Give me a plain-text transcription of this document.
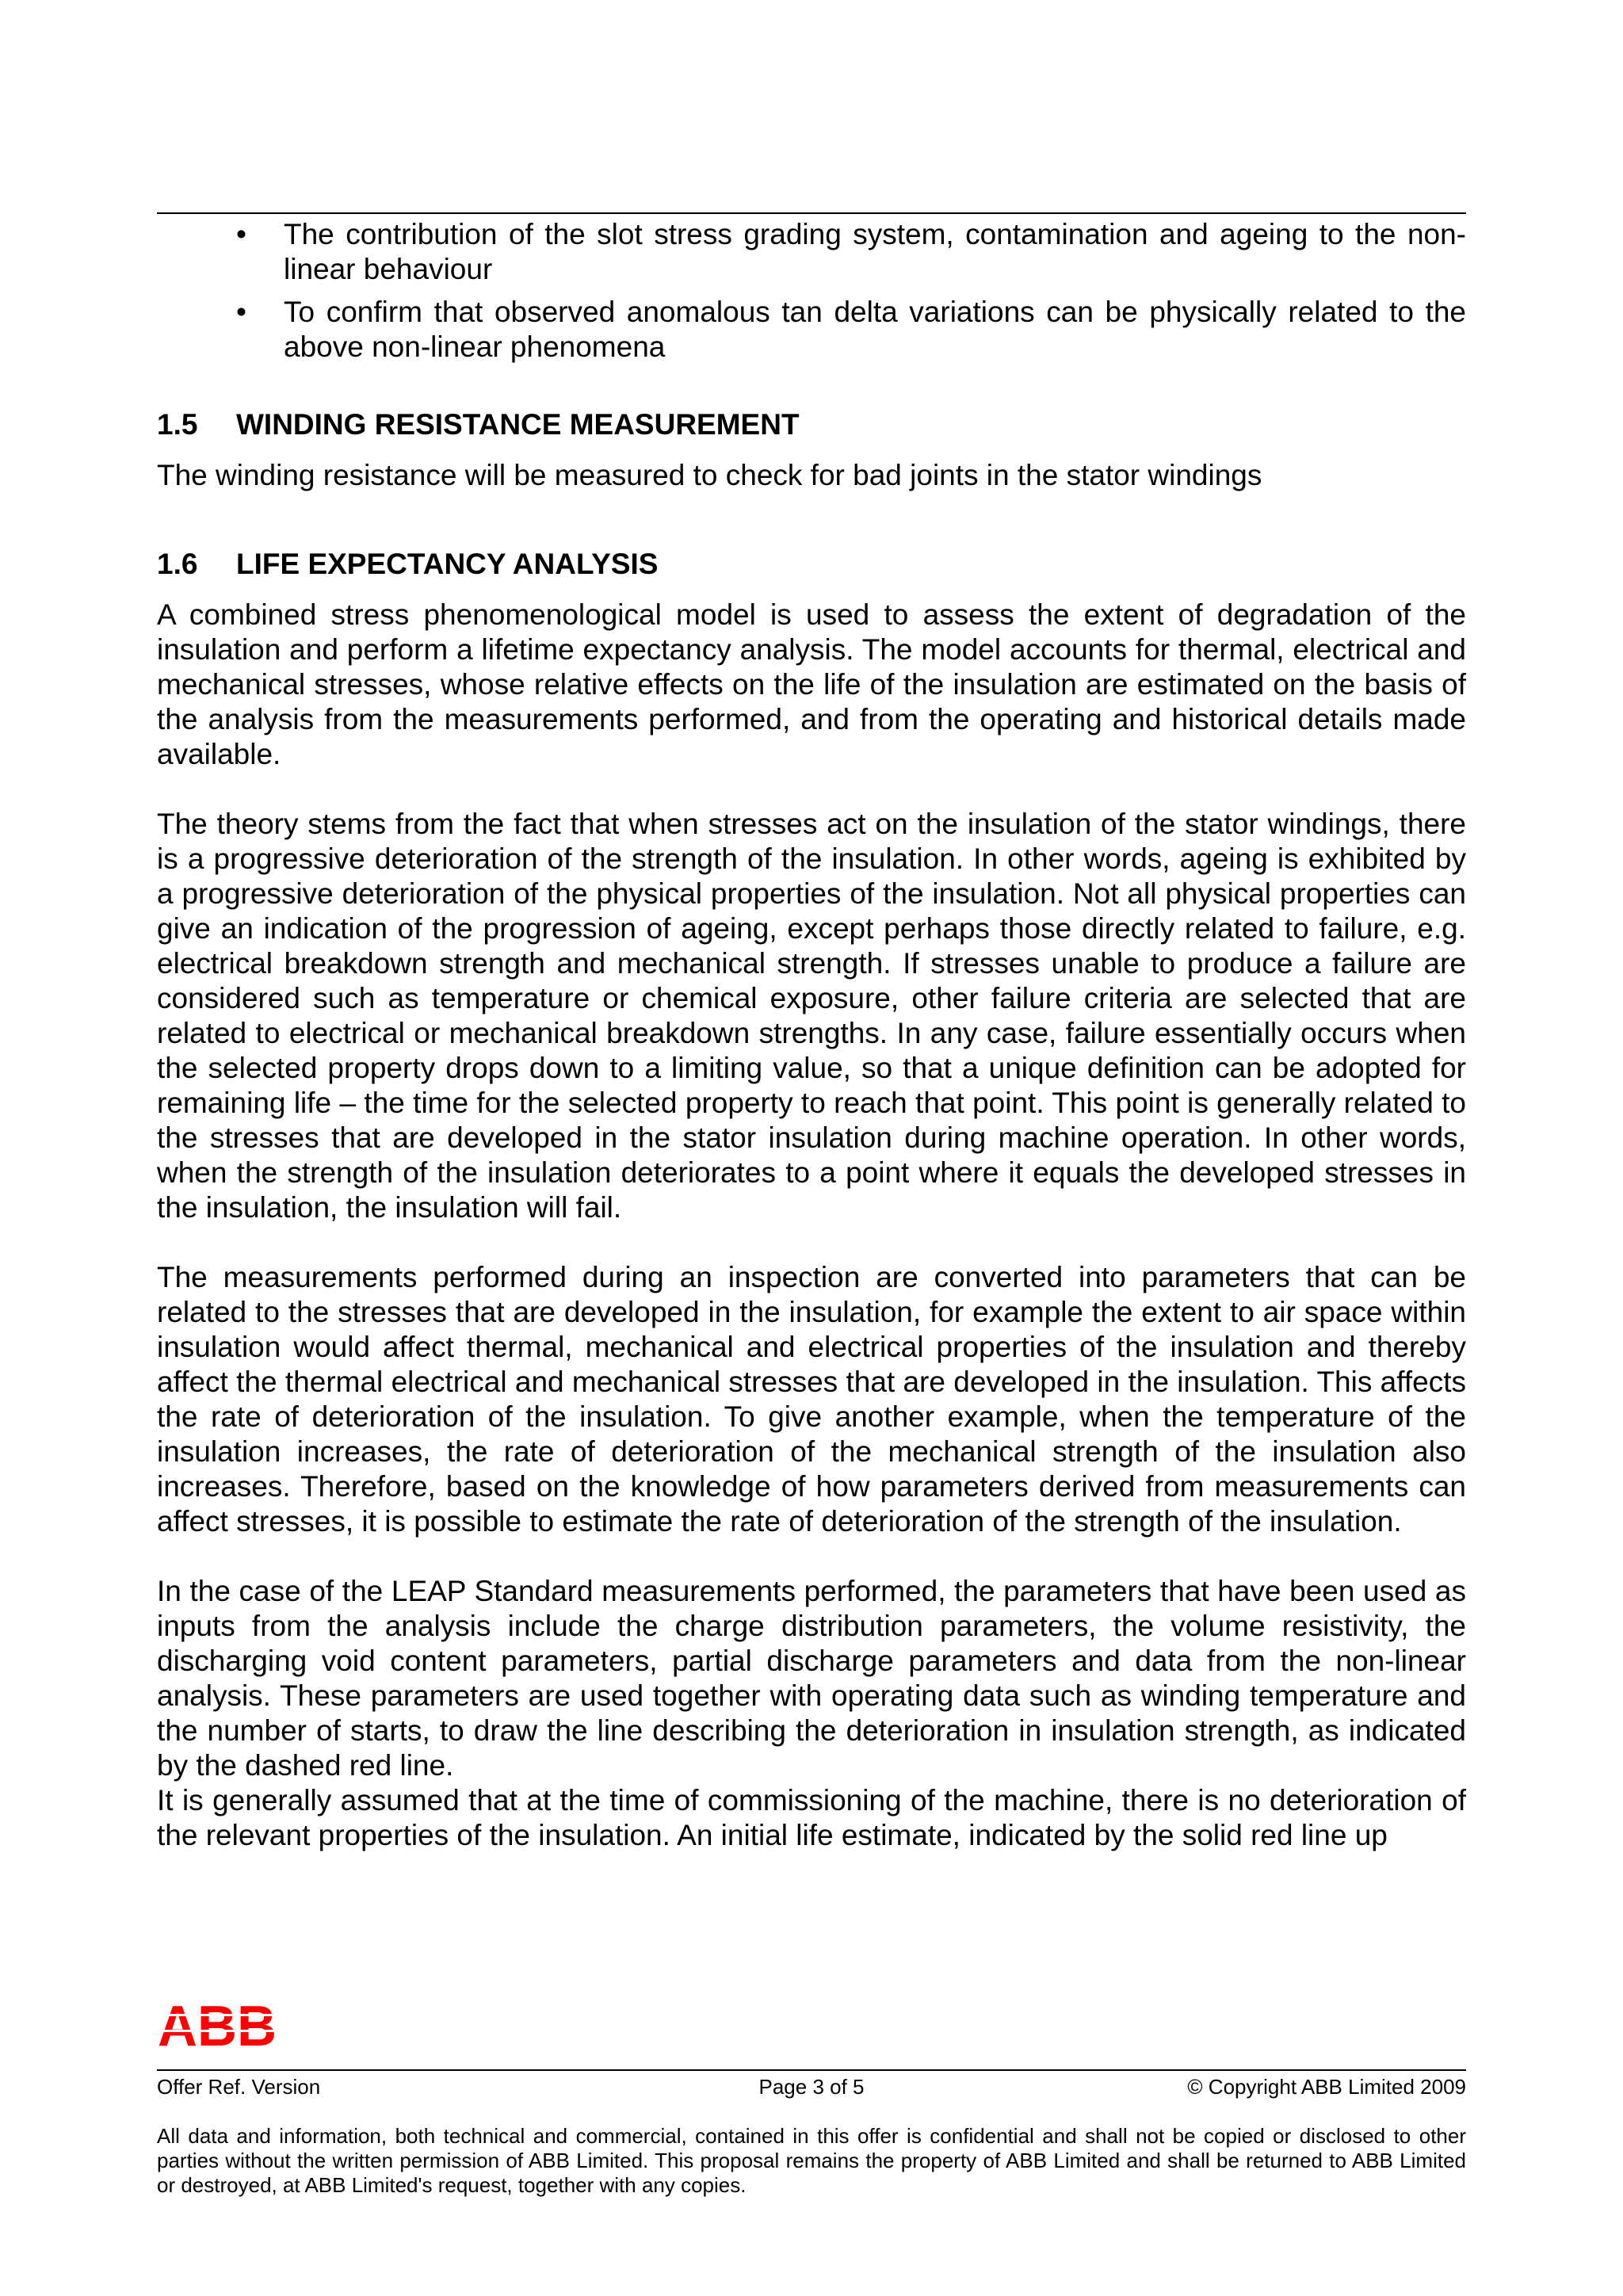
• The contribution of the slot stress grading system, contamination and ageing to the non-linear behaviour
• To confirm that observed anomalous tan delta variations can be physically related to the above non-linear phenomena
1.5 WINDING RESISTANCE MEASUREMENT

The winding resistance will be measured to check for bad joints in the stator windings

1.6 LIFE EXPECTANCY ANALYSIS

A combined stress phenomenological model is used to assess the extent of degradation of the insulation and perform a lifetime expectancy analysis. The model accounts for thermal, electrical and mechanical stresses, whose relative effects on the life of the insulation are estimated on the basis of the analysis from the measurements performed, and from the operating and historical details made available.

The theory stems from the fact that when stresses act on the insulation of the stator windings, there is a progressive deterioration of the strength of the insulation. In other words, ageing is exhibited by a progressive deterioration of the physical properties of the insulation. Not all physical properties can give an indication of the progression of ageing, except perhaps those directly related to failure, e.g. electrical breakdown strength and mechanical strength. If stresses unable to produce a failure are considered such as temperature or chemical exposure, other failure criteria are selected that are related to electrical or mechanical breakdown strengths. In any case, failure essentially occurs when the selected property drops down to a limiting value, so that a unique definition can be adopted for remaining life – the time for the selected property to reach that point. This point is generally related to the stresses that are developed in the stator insulation during machine operation. In other words, when the strength of the insulation deteriorates to a point where it equals the developed stresses in the insulation, the insulation will fail.

The measurements performed during an inspection are converted into parameters that can be related to the stresses that are developed in the insulation, for example the extent to air space within insulation would affect thermal, mechanical and electrical properties of the insulation and thereby affect the thermal electrical and mechanical stresses that are developed in the insulation. This affects the rate of deterioration of the insulation. To give another example, when the temperature of the insulation increases, the rate of deterioration of the mechanical strength of the insulation also increases. Therefore, based on the knowledge of how parameters derived from measurements can affect stresses, it is possible to estimate the rate of deterioration of the strength of the insulation.

In the case of the LEAP Standard measurements performed, the parameters that have been used as inputs from the analysis include the charge distribution parameters, the volume resistivity, the discharging void content parameters, partial discharge parameters and data from the non-linear analysis. These parameters are used together with operating data such as winding temperature and the number of starts, to draw the line describing the deterioration in insulation strength, as indicated by the dashed red line.

It is generally assumed that at the time of commissioning of the machine, there is no deterioration of the relevant properties of the insulation. An initial life estimate, indicated by the solid red line up

Offer Ref. Version	Page 3 of 5	© Copyright ABB Limited 2009

All data and information, both technical and commercial, contained in this offer is confidential and shall not be copied or disclosed to other parties without the written permission of ABB Limited. This proposal remains the property of ABB Limited and shall be returned to ABB Limited or destroyed, at ABB Limited's request, together with any copies.
